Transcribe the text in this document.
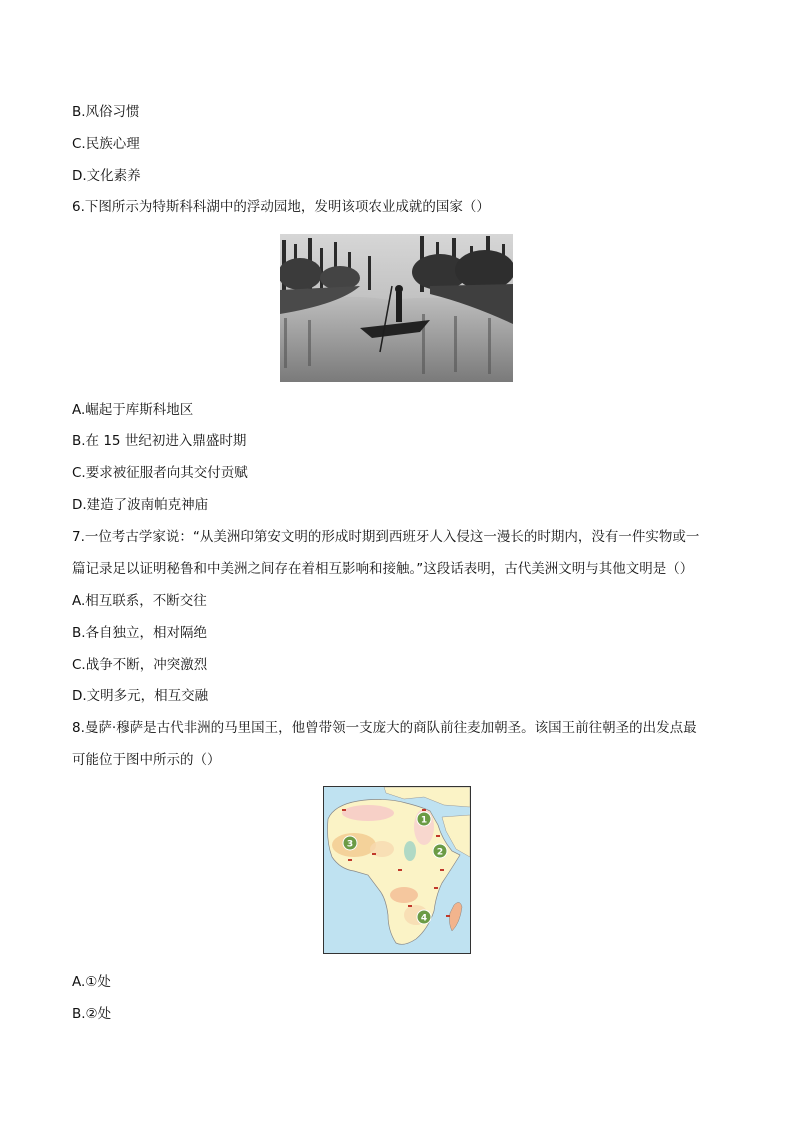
B.风俗习惯
C.民族心理
D.文化素养
6.下图所示为特斯科科湖中的浮动园地，发明该项农业成就的国家（）
A.崛起于库斯科地区
B.在 15 世纪初进入鼎盛时期
C.要求被征服者向其交付贡赋
D.建造了波南帕克神庙
7.一位考古学家说：“从美洲印第安文明的形成时期到西班牙人入侵这一漫长的时期内，没有一件实物或一
篇记录足以证明秘鲁和中美洲之间存在着相互影响和接触。”这段话表明，古代美洲文明与其他文明是（）
A.相互联系，不断交往
B.各自独立，相对隔绝
C.战争不断，冲突激烈
D.文明多元，相互交融
8.曼萨·穆萨是古代非洲的马里国王，他曾带领一支庞大的商队前往麦加朝圣。该国王前往朝圣的出发点最
可能位于图中所示的（）
1
2
3
4
A.①处
B.②处
